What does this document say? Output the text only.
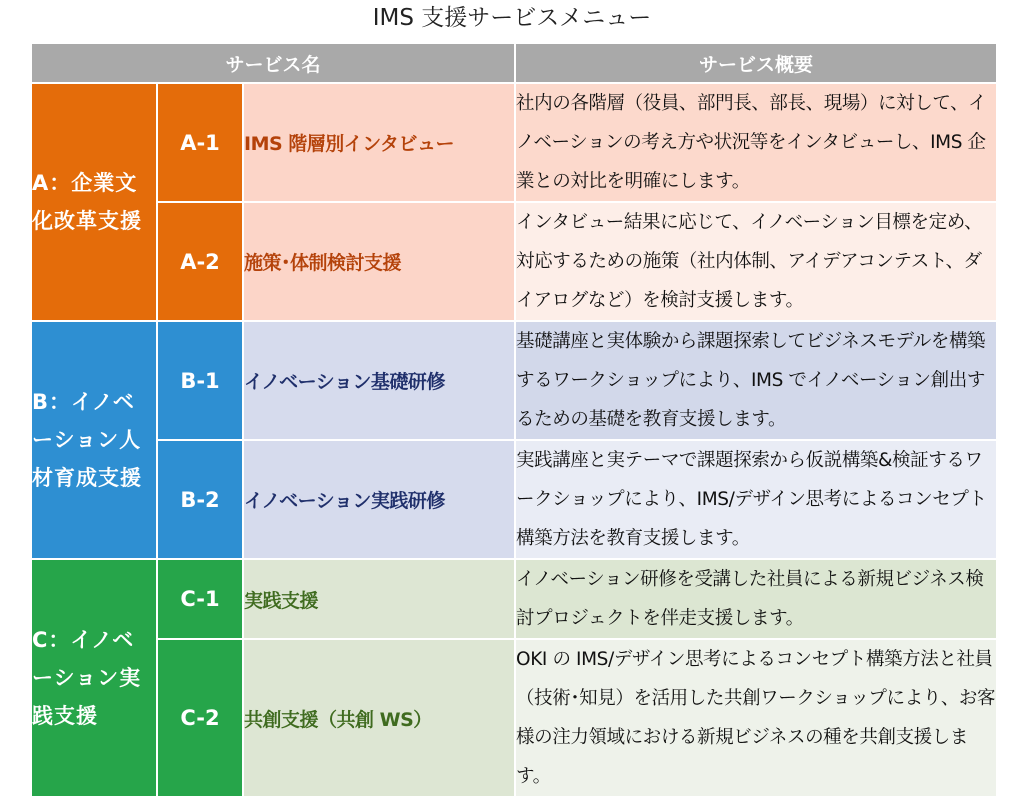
IMS 支援サービスメニュー
サービス名			サービス概要
A：企業文化改革支援	A-1	IMS 階層別インタビュー	社内の各階層（役員、部門長、部長、現場）に対して、イノベーションの考え方や状況等をインタビューし、IMS 企業との対比を明確にします。
	A-2	施策･体制検討支援	インタビュー結果に応じて、イノベーション目標を定め、対応するための施策（社内体制、アイデアコンテスト、ダイアログなど）を検討支援します。
B：イノベーション人材育成支援	B-1	イノベーション基礎研修	基礎講座と実体験から課題探索してビジネスモデルを構築するワークショップにより、IMS でイノベーション創出するための基礎を教育支援します。
	B-2	イノベーション実践研修	実践講座と実テーマで課題探索から仮説構築&検証するワークショップにより、IMS/デザイン思考によるコンセプト構築方法を教育支援します。
C：イノベーション実践支援	C-1	実践支援	イノベーション研修を受講した社員による新規ビジネス検討プロジェクトを伴走支援します。
	C-2	共創支援（共創 WS）	OKI の IMS/デザイン思考によるコンセプト構築方法と社員（技術･知見）を活用した共創ワークショップにより、お客様の注力領域における新規ビジネスの種を共創支援します。
